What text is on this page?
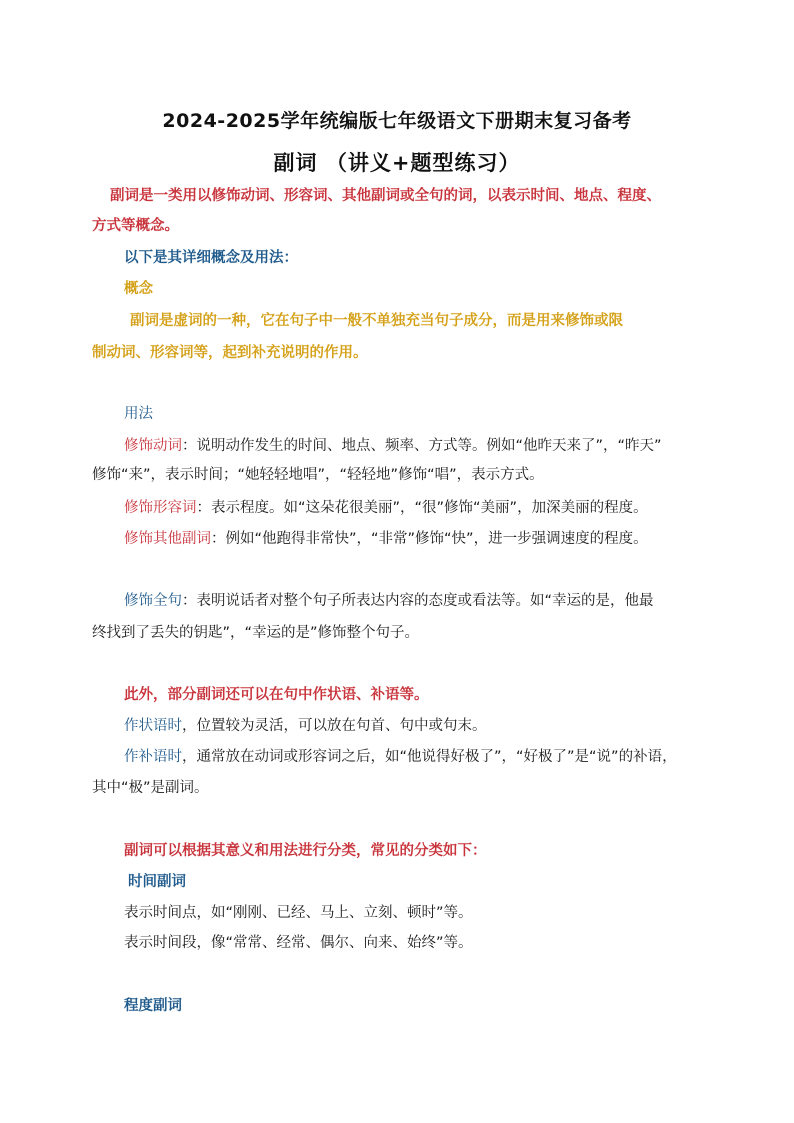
2024-2025学年统编版七年级语文下册期末复习备考
副词 （讲义+题型练习）
副词是一类用以修饰动词、形容词、其他副词或全句的词，以表示时间、地点、程度、
方式等概念。
以下是其详细概念及用法：
概念
副词是虚词的一种，它在句子中一般不单独充当句子成分，而是用来修饰或限
制动词、形容词等，起到补充说明的作用。
用法
修饰动词：说明动作发生的时间、地点、频率、方式等。例如“他昨天来了”，“昨天”
修饰“来”，表示时间；“她轻轻地唱”，“轻轻地”修饰“唱”，表示方式。
修饰形容词：表示程度。如“这朵花很美丽”，“很”修饰“美丽”，加深美丽的程度。
修饰其他副词：例如“他跑得非常快”，“非常”修饰“快”，进一步强调速度的程度。
修饰全句：表明说话者对整个句子所表达内容的态度或看法等。如“幸运的是，他最
终找到了丢失的钥匙”，“幸运的是”修饰整个句子。
此外，部分副词还可以在句中作状语、补语等。
作状语时，位置较为灵活，可以放在句首、句中或句末。
作补语时，通常放在动词或形容词之后，如“他说得好极了”，“好极了”是“说”的补语，
其中“极”是副词。
副词可以根据其意义和用法进行分类，常见的分类如下：
时间副词
表示时间点，如“刚刚、已经、马上、立刻、顿时”等。
表示时间段，像“常常、经常、偶尔、向来、始终”等。
程度副词
